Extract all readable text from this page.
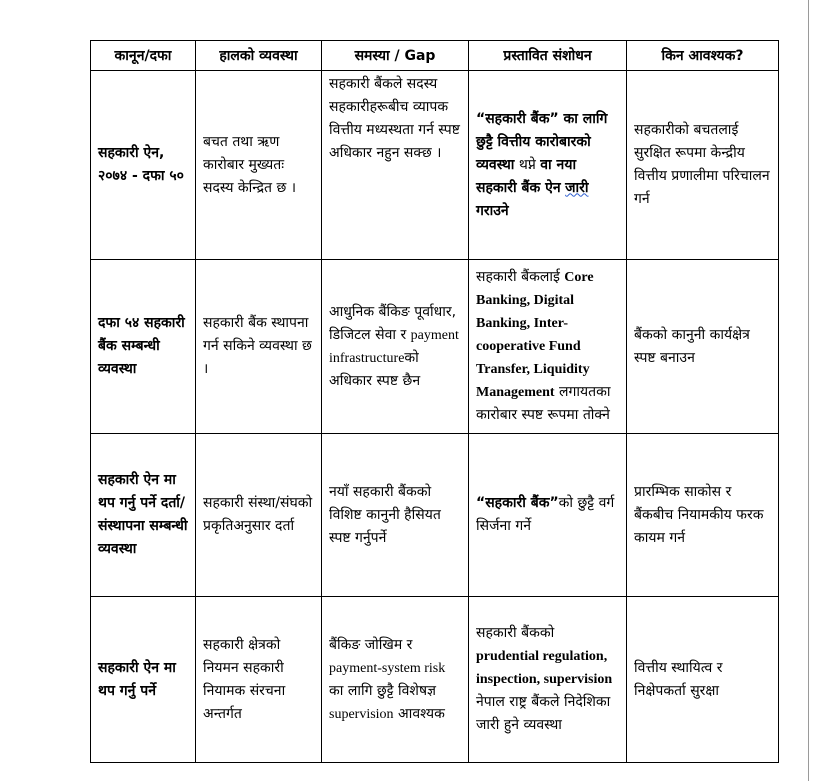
कानून/दफा	हालको व्यवस्था	समस्या / Gap	प्रस्तावित संशोधन	किन आवश्यक?
सहकारी ऐन, २०७४ - दफा ५०	बचत तथा ऋण कारोबार मुख्यतः सदस्य केन्द्रित छ ।	सहकारी बैंकले सदस्य सहकारीहरूबीच व्यापक वित्तीय मध्यस्थता गर्न स्पष्ट अधिकार नहुन सक्छ ।	“सहकारी बैंक” का लागि छुट्टै वित्तीय कारोबारको व्यवस्था थप्ने वा नया सहकारी बैंक ऐन जारी गराउने	सहकारीको बचतलाई सुरक्षित रूपमा केन्द्रीय वित्तीय प्रणालीमा परिचालन गर्न
दफा ५४ सहकारी बैंक सम्बन्धी व्यवस्था	सहकारी बैंक स्थापना गर्न सकिने व्यवस्था छ ।	आधुनिक बैंकिङ पूर्वाधार, डिजिटल सेवा र payment infrastructureको अधिकार स्पष्ट छैन	सहकारी बैंकलाई Core Banking, Digital Banking, Inter-cooperative Fund Transfer, Liquidity Management लगायतका कारोबार स्पष्ट रूपमा तोक्ने	बैंकको कानुनी कार्यक्षेत्र स्पष्ट बनाउन
सहकारी ऐन मा थप गर्नु पर्ने दर्ता/संस्थापना सम्बन्धी व्यवस्था	सहकारी संस्था/संघको प्रकृतिअनुसार दर्ता	नयाँ सहकारी बैंकको विशिष्ट कानुनी हैसियत स्पष्ट गर्नुपर्ने	“सहकारी बैंक”को छुट्टै वर्ग सिर्जना गर्ने	प्रारम्भिक साकोस र बैंकबीच नियामकीय फरक कायम गर्न
सहकारी ऐन मा थप गर्नु पर्ने	सहकारी क्षेत्रको नियमन सहकारी नियामक संरचना अन्तर्गत	बैंकिङ जोखिम र payment-system risk का लागि छुट्टै विशेषज्ञ supervision आवश्यक	सहकारी बैंकको prudential regulation, inspection, supervision नेपाल राष्ट्र बैंकले निदेशिका जारी हुने व्यवस्था	वित्तीय स्थायित्व र निक्षेपकर्ता सुरक्षा
